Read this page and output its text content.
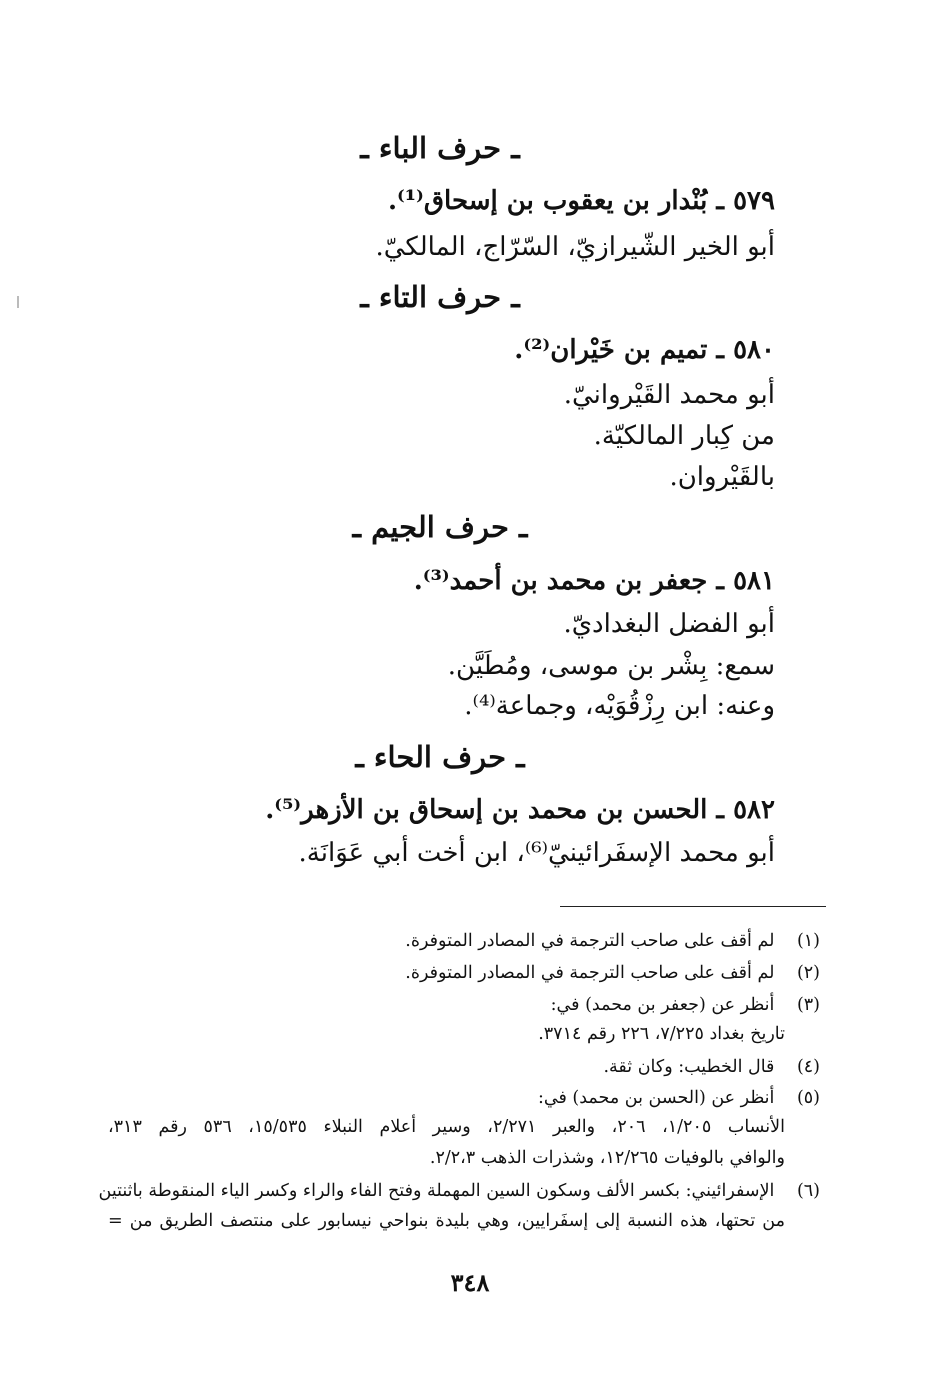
ـ حرف الباء ـ
٥٧٩ ـ بُنْدار بن يعقوب بن إسحاق⁽¹⁾.
أبو الخير الشّيرازيّ، السّرّاج، المالكيّ.
ـ حرف التاء ـ
٥٨٠ ـ تميم بن خَيْران⁽²⁾.
أبو محمد القَيْروانيّ.
من كِبار المالكيّة.
بالقَيْروان.
ـ حرف الجيم ـ
٥٨١ ـ جعفر بن محمد بن أحمد⁽³⁾.
أبو الفضل البغداديّ.
سمع: بِشْر بن موسى، ومُطَيَّن.
وعنه: ابن رِزْقُوَيْه، وجماعة⁽⁴⁾.
ـ حرف الحاء ـ
٥٨٢ ـ الحسن بن محمد بن إسحاق بن الأزهر⁽⁵⁾.
أبو محمد الإسفَرائينيّ⁽⁶⁾، ابن أخت أبي عَوَانَة.
(١) لم أقف على صاحب الترجمة في المصادر المتوفرة.
(٢) لم أقف على صاحب الترجمة في المصادر المتوفرة.
(٣) أنظر عن (جعفر بن محمد) في:
تاريخ بغداد ٧/٢٢٥، ٢٢٦ رقم ٣٧١٤.
(٤) قال الخطيب: وكان ثقة.
(٥) أنظر عن (الحسن بن محمد) في:
الأنساب ١/٢٠٥، ٢٠٦، والعبر ٢/٢٧١، وسير أعلام النبلاء ١٥/٥٣٥، ٥٣٦ رقم ٣١٣،
والوافي بالوفيات ١٢/٢٦٥، وشذرات الذهب ٢/٢،٣.
(٦) الإسفرائيني: بكسر الألف وسكون السين المهملة وفتح الفاء والراء وكسر الياء المنقوطة باثنتين
من تحتها، هذه النسبة إلى إسفَرايين، وهي بليدة بنواحي نيسابور على منتصف الطريق من =
٣٤٨
